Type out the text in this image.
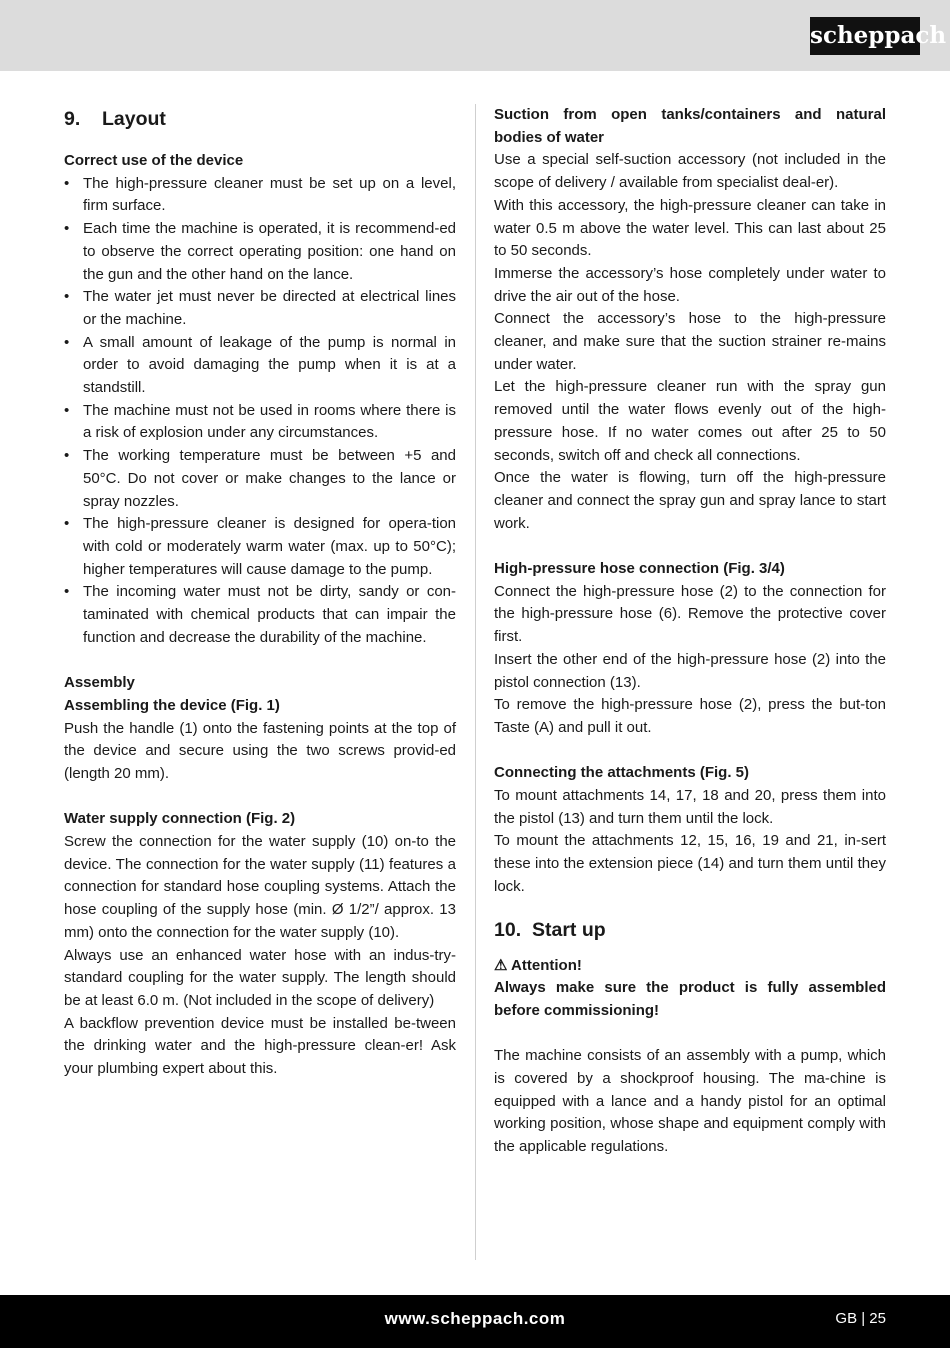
scheppach
9.	Layout

Correct use of the device

• The high-pressure cleaner must be set up on a level, firm surface.
• Each time the machine is operated, it is recommend-ed to observe the correct operating position: one hand on the gun and the other hand on the lance.
• The water jet must never be directed at electrical lines or the machine.
• A small amount of leakage of the pump is normal in order to avoid damaging the pump when it is at a standstill.
• The machine must not be used in rooms where there is a risk of explosion under any circumstances.
• The working temperature must be between +5 and 50°C. Do not cover or make changes to the lance or spray nozzles.
• The high-pressure cleaner is designed for opera-tion with cold or moderately warm water (max. up to 50°C); higher temperatures will cause damage to the pump.
• The incoming water must not be dirty, sandy or con-taminated with chemical products that can impair the function and decrease the durability of the machine.

Assembly

Assembling the device (Fig. 1)

Push the handle (1) onto the fastening points at the top of the device and secure using the two screws provid-ed (length 20 mm).

Water supply connection (Fig. 2)

Screw the connection for the water supply (10) on-to the device. The connection for the water supply (11) features a connection for standard hose coupling systems. Attach the hose coupling of the supply hose (min. Ø 1/2”/ approx. 13 mm) onto the connection for the water supply (10).

Always use an enhanced water hose with an indus-try-standard coupling for the water supply. The length should be at least 6.0 m. (Not included in the scope of delivery)

A backflow prevention device must be installed be-tween the drinking water and the high-pressure clean-er! Ask your plumbing expert about this.

Suction from open tanks/containers and natural bodies of water

Use a special self-suction accessory (not included in the scope of delivery / available from specialist deal-er).

With this accessory, the high-pressure cleaner can take in water 0.5 m above the water level. This can last about 25 to 50 seconds.

Immerse the accessory’s hose completely under water to drive the air out of the hose.

Connect the accessory’s hose to the high-pressure cleaner, and make sure that the suction strainer re-mains under water.

Let the high-pressure cleaner run with the spray gun removed until the water flows evenly out of the high-pressure hose. If no water comes out after 25 to 50 seconds, switch off and check all connections.

Once the water is flowing, turn off the high-pressure cleaner and connect the spray gun and spray lance to start work.

High-pressure hose connection (Fig. 3/4)

Connect the high-pressure hose (2) to the connection for the high-pressure hose (6). Remove the protective cover first.

Insert the other end of the high-pressure hose (2) into the pistol connection (13).

To remove the high-pressure hose (2), press the but-ton Taste (A) and pull it out.

Connecting the attachments (Fig. 5)

To mount attachments 14, 17, 18 and 20, press them into the pistol (13) and turn them until the lock.

To mount the attachments 12, 15, 16, 19 and 21, in-sert these into the extension piece (14) and turn them until they lock.

10. Start up

⚠ Attention!

Always make sure the product is fully assembled before commissioning!

The machine consists of an assembly with a pump, which is covered by a shockproof housing. The ma-chine is equipped with a lance and a handy pistol for an optimal working position, whose shape and equipment comply with the applicable regulations.

www.scheppach.com	GB | 25
